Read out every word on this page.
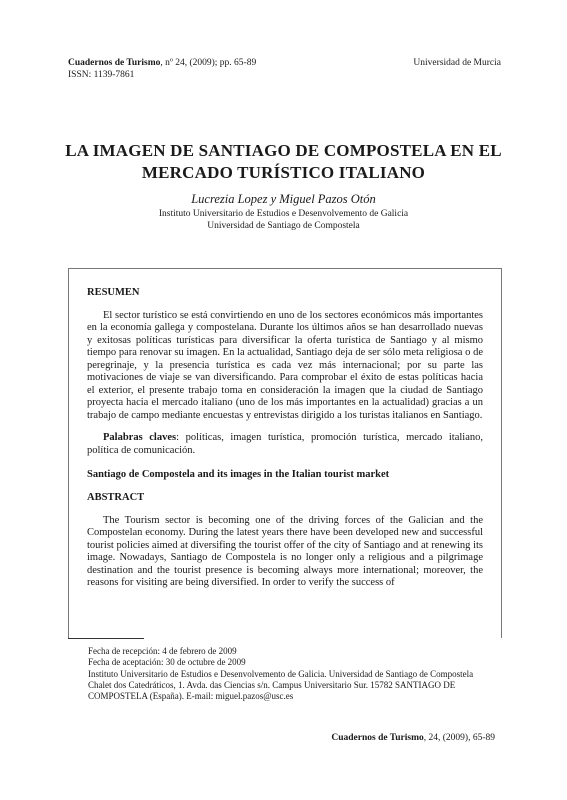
Cuadernos de Turismo, nº 24, (2009); pp. 65-89
ISSN: 1139-7861
Universidad de Murcia
LA IMAGEN DE SANTIAGO DE COMPOSTELA EN EL
MERCADO TURÍSTICO ITALIANO
Lucrezia Lopez y Miguel Pazos Otón
Instituto Universitario de Estudios e Desenvolvemento de Galicia
Universidad de Santiago de Compostela

RESUMEN

El sector turístico se está convirtiendo en uno de los sectores económicos más importantes en la economía gallega y compostelana. Durante los últimos años se han desarrollado nuevas y exitosas políticas turísticas para diversificar la oferta turística de Santiago y al mismo tiempo para renovar su imagen. En la actualidad, Santiago deja de ser sólo meta religiosa o de peregrinaje, y la presencia turística es cada vez más internacional; por su parte las motivaciones de viaje se van diversificando. Para comprobar el éxito de estas políticas hacia el exterior, el presente trabajo toma en consideración la imagen que la ciudad de Santiago proyecta hacia el mercado italiano (uno de los más importantes en la actualidad) gracias a un trabajo de campo mediante encuestas y entrevistas dirigido a los turistas italianos en Santiago.

Palabras claves: políticas, imagen turística, promoción turística, mercado italiano, política de comunicación.

Santiago de Compostela and its images in the Italian tourist market

ABSTRACT

The Tourism sector is becoming one of the driving forces of the Galician and the Compostelan economy. During the latest years there have been developed new and successful tourist policies aimed at diversifing the tourist offer of the city of Santiago and at renewing its image. Nowadays, Santiago de Compostela is no longer only a religious and a pilgrimage destination and the tourist presence is becoming always more international; moreover, the reasons for visiting are being diversified. In order to verify the success of

Fecha de recepción: 4 de febrero de 2009
Fecha de aceptación: 30 de octubre de 2009
Instituto Universitario de Estudios e Desenvolvemento de Galicia. Universidad de Santiago de Compostela Chalet dos Catedráticos, 1. Avda. das Ciencias s/n. Campus Universitario Sur. 15782 SANTIAGO DE COMPOSTELA (España). E-mail: miguel.pazos@usc.es
Cuadernos de Turismo, 24, (2009), 65-89
